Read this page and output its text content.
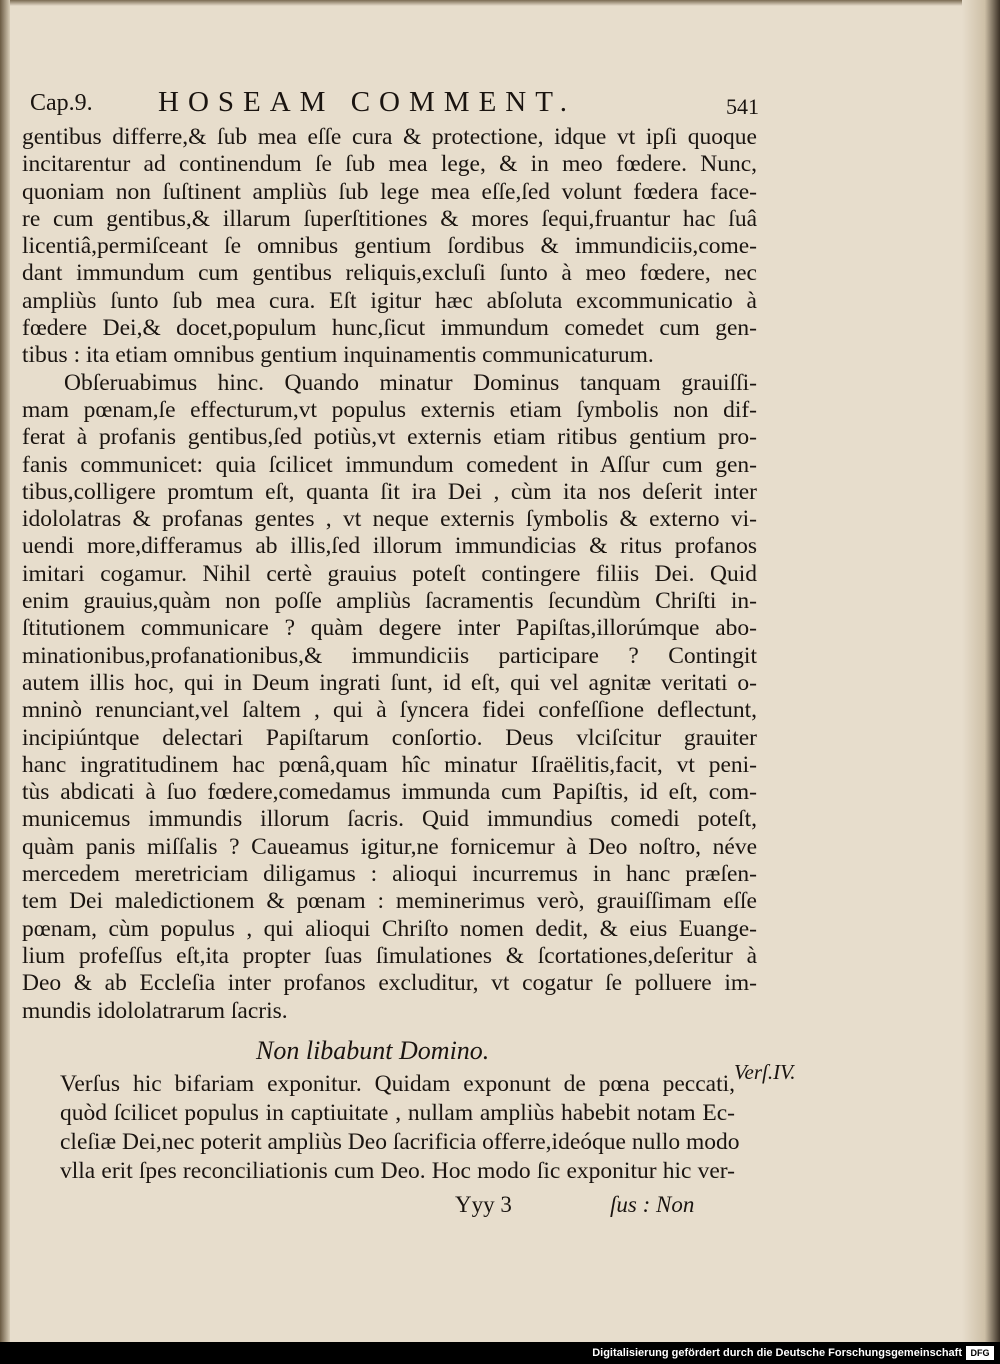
Cap.9. HOSEAM COMMENT.	541
gentibus differre,& ſub mea eſſe cura & protectione, idque vt ipſi quoque
incitarentur ad continendum ſe ſub mea lege, & in meo fœdere. Nunc,
quoniam non ſuſtinent ampliùs ſub lege mea eſſe,ſed volunt fœdera face-
re cum gentibus,& illarum ſuperſtitiones & mores ſequi,fruantur hac ſuâ
licentiâ,permiſceant ſe omnibus gentium ſordibus & immundiciis,come-
dant immundum cum gentibus reliquis,excluſi ſunto à meo fœdere, nec
ampliùs ſunto ſub mea cura. Eſt igitur hæc abſoluta excommunicatio à
fœdere Dei,& docet,populum hunc,ſicut immundum comedet cum gen-
tibus : ita etiam omnibus gentium inquinamentis communicaturum.
Obſeruabimus hinc. Quando minatur Dominus tanquam grauiſſi-
mam pœnam,ſe effecturum,vt populus externis etiam ſymbolis non dif-
ferat à profanis gentibus,ſed potiùs,vt externis etiam ritibus gentium pro-
fanis communicet: quia ſcilicet immundum comedent in Aſſur cum gen-
tibus,colligere promtum eſt, quanta ſit ira Dei , cùm ita nos deſerit inter
idololatras & profanas gentes , vt neque externis ſymbolis & externo vi-
uendi more,differamus ab illis,ſed illorum immundicias & ritus profanos
imitari cogamur. Nihil certè grauius poteſt contingere filiis Dei. Quid
enim grauius,quàm non poſſe ampliùs ſacramentis ſecundùm Chriſti in-
ſtitutionem communicare ? quàm degere inter Papiſtas,illorúmque abo-
minationibus,profanationibus,& immundiciis participare ? Contingit
autem illis hoc, qui in Deum ingrati ſunt, id eſt, qui vel agnitæ veritati o-
mninò renunciant,vel ſaltem , qui à ſyncera fidei confeſſione deflectunt,
incipiúntque delectari Papiſtarum conſortio. Deus vlciſcitur grauiter
hanc ingratitudinem hac pœnâ,quam hîc minatur Iſraëlitis,facit, vt peni-
tùs abdicati à ſuo fœdere,comedamus immunda cum Papiſtis, id eſt, com-
municemus immundis illorum ſacris. Quid immundius comedi poteſt,
quàm panis miſſalis ? Caueamus igitur,ne fornicemur à Deo noſtro, néve
mercedem meretriciam diligamus : alioqui incurremus in hanc præſen-
tem Dei maledictionem & pœnam : meminerimus verò, grauiſſimam eſſe
pœnam, cùm populus , qui alioqui Chriſto nomen dedit, & eius Euange-
lium profeſſus eſt,ita propter ſuas ſimulationes & ſcortationes,deſeritur à
Deo & ab Eccleſia inter profanos excluditur, vt cogatur ſe polluere im-
mundis idololatrarum ſacris.
Non libabunt Domino.
Verſ.IV.
Verſus hic bifariam exponitur. Quidam exponunt de pœna peccati,
quòd ſcilicet populus in captiuitate , nullam ampliùs habebit notam Ec-
cleſiæ Dei,nec poterit ampliùs Deo ſacrificia offerre,ideóque nullo modo
vlla erit ſpes reconciliationis cum Deo. Hoc modo ſic exponitur hic ver-
Yyy 3	ſus : Non
Digitalisierung gefördert durch die Deutsche Forschungsgemeinschaft DFG
